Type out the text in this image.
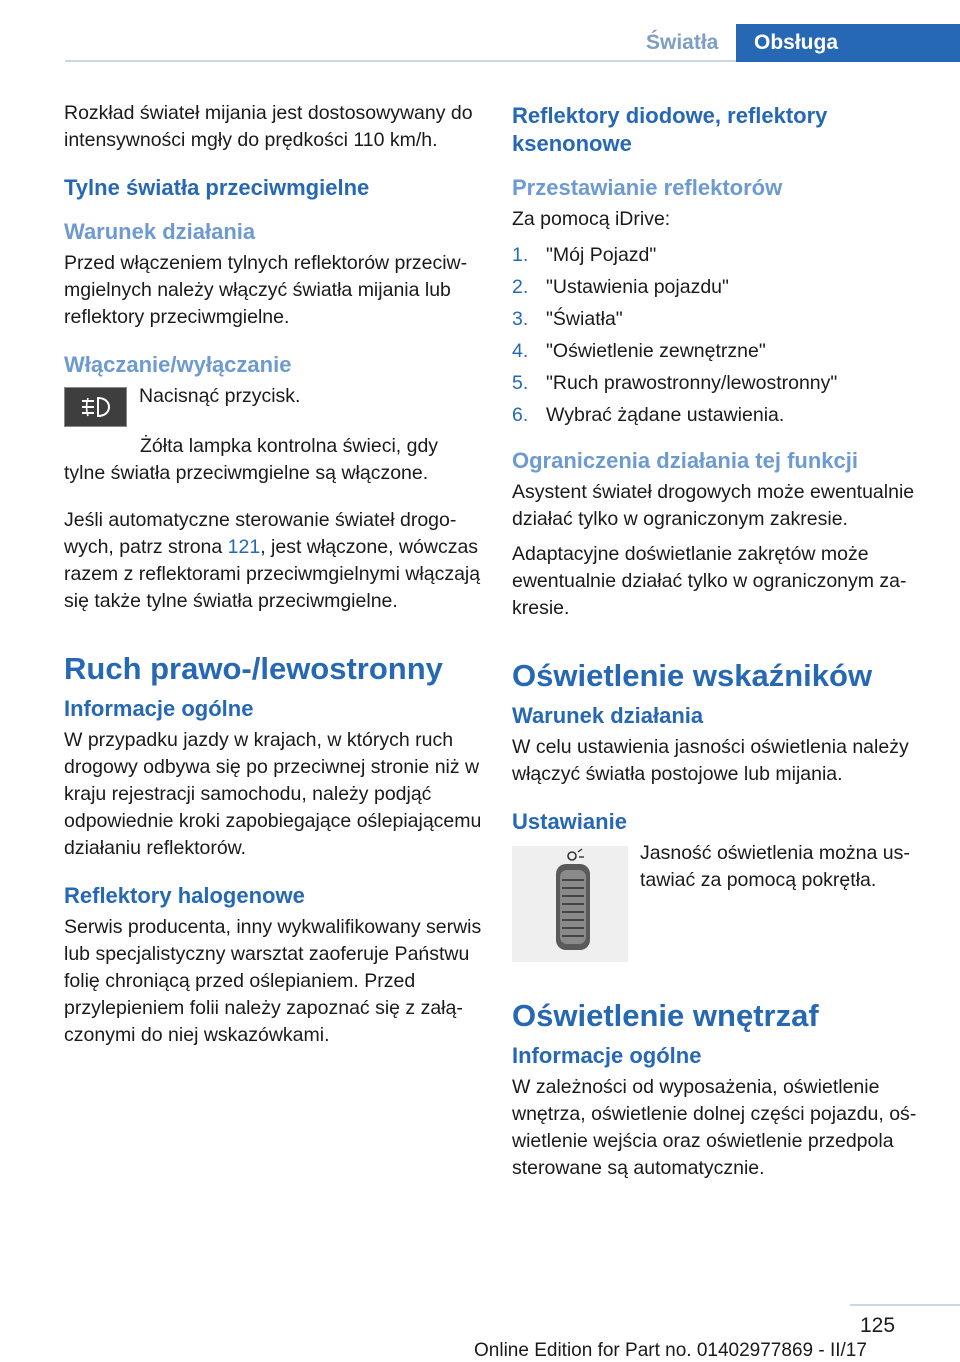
Światła	Obsługa

Rozkład świateł mijania jest dostosowywany do intensywności mgły do prędkości 110 km/h.

Tylne światła przeciwmgielne
Warunek działania

Przed włączeniem tylnych reflektorów przeciwmgielnych należy włączyć światła mijania lub reflektory przeciwmgielne.

Włączanie/wyłączanie

Nacisnąć przycisk.

Żółta lampka kontrolna świeci, gdy tylne światła przeciwmgielne są włączone.

Jeśli automatyczne sterowanie świateł drogowych, patrz strona 121, jest włączone, wówczas razem z reflektorami przeciwmgielnymi włączają się także tylne światła przeciwmgielne.

Ruch prawo-/lewostronny
Informacje ogólne

W przypadku jazdy w krajach, w których ruch drogowy odbywa się po przeciwnej stronie niż w kraju rejestracji samochodu, należy podjąć odpowiednie kroki zapobiegające oślepiającemu działaniu reflektorów.

Reflektory halogenowe

Serwis producenta, inny wykwalifikowany serwis lub specjalistyczny warsztat zaoferuje Państwu folię chroniącą przed oślepianiem. Przed przylepieniem folii należy zapoznać się z załączonymi do niej wskazówkami.

Reflektory diodowe, reflektory ksenonowe
Przestawianie reflektorów

Za pomocą iDrive:

1. "Mój Pojazd"
2. "Ustawienia pojazdu"
3. "Światła"
4. "Oświetlenie zewnętrzne"
5. "Ruch prawostronny/lewostronny"
6. Wybrać żądane ustawienia.
Ograniczenia działania tej funkcji

Asystent świateł drogowych może ewentualnie działać tylko w ograniczonym zakresie.

Adaptacyjne doświetlanie zakrętów może ewentualnie działać tylko w ograniczonym zakresie.

Oświetlenie wskaźników
Warunek działania

W celu ustawienia jasności oświetlenia należy włączyć światła postojowe lub mijania.

Ustawianie

Jasność oświetlenia można ustawiać za pomocą pokrętła.

Oświetlenie wnętrzaf
Informacje ogólne

W zależności od wyposażenia, oświetlenie wnętrza, oświetlenie dolnej części pojazdu, oświetlenie wejścia oraz oświetlenie przedpola sterowane są automatycznie.

125
Online Edition for Part no. 01402977869 - II/17
